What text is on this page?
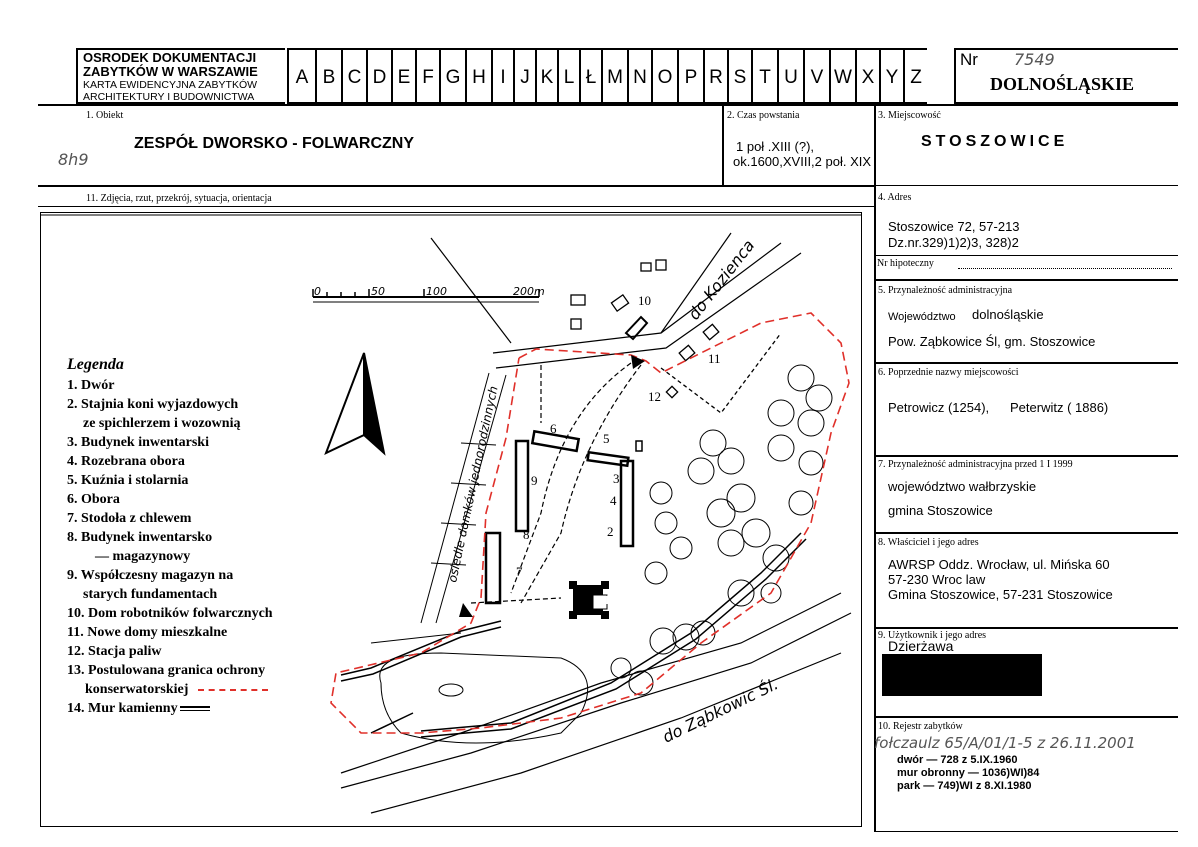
OSRODEK DOKUMENTACJI
ZABYTKÓW W WARSZAWIE
KARTA EWIDENCYJNA ZABYTKÓW
ARCHITEKTURY I BUDOWNICTWA
A B C D E F G H I J K L Ł M N O P R S T U V W X Y Z
Nr 7549
DOLNOŚLĄSKIE
1. Obiekt
ZESPÓŁ DWORSKO - FOLWARCZNY
8h9
2. Czas powstania
1 poł .XIII (?),
ok.1600,XVIII,2 poł. XIX
3. Miejscowość
STOSZOWICE
4. Adres
Stoszowice 72, 57-213
Dz.nr.329)1)2)3, 328)2
Nr hipoteczny
5. Przynależność administracyjna
Województwo dolnośląskie
Pow. Ząbkowice Śl, gm. Stoszowice
6. Poprzednie nazwy miejscowości
Petrowicz (1254), Peterwitz ( 1886)
7. Przynależność administracyjna przed 1 I 1999
województwo wałbrzyskie
gmina Stoszowice
8. Właściciel i jego adres
AWRSP Oddz. Wrocław, ul. Mińska 60
57-230 Wroc law
Gmina Stoszowice, 57-231 Stoszowice
9. Użytkownik i jego adres
Dzierżawa
10. Rejestr zabytków
fołczaulz 65/A/01/1-5 z 26.11.2001
dwór — 728 z 5.IX.1960
mur obronny — 1036)WI)84
park — 749)WI z 8.XI.1980
11. Zdjęcia, rzut, przekrój, sytuacja, orientacja
0	50	100	200m	do Kozienca
do Ząbkowic Śl.
osiedle domków jednorodzinnych
1
2
3
4
5
6
7
8
9
10
11
12
Legenda
1. Dwór
2. Stajnia koni wyjazdowych
ze spichlerzem i wozownią
3. Budynek inwentarski
4. Rozebrana obora
5. Kuźnia i stolarnia
6. Obora
7. Stodoła z chlewem
8. Budynek inwentarsko
— magazynowy
9. Współczesny magazyn na
starych fundamentach
10. Dom robotników folwarcznych
11. Nowe domy mieszkalne
12. Stacja paliw
13. Postulowana granica ochrony
konserwatorskiej
14. Mur kamienny
